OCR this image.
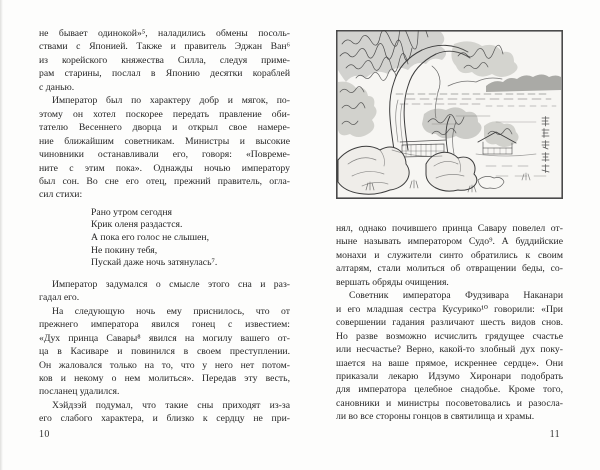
не бывает одинокой»⁵, наладились обмены посоль-
ствами с Японией. Также и правитель Эджан Ван⁶
из корейского княжества Силла, следуя приме-
рам старины, послал в Японию десятки кораблей
с данью.
Император был по характеру добр и мягок, по-
этому он хотел поскорее передать правление оби-
тателю Весеннего дворца и открыл свое намере-
ние ближайшим советникам. Министры и высокие
чиновники останавливали его, говоря: «Повреме-
ните с этим пока». Однажды ночью императору
был сон. Во сне его отец, прежний правитель, огла-
сил стихи:
Рано утром сегодня
Крик оленя раздастся.
А пока его голос не слышен,
Не покину тебя,
Пускай даже ночь затянулась⁷.
Император задумался о смысле этого сна и раз-
гадал его.
На следующую ночь ему приснилось, что от
прежнего императора явился гонец с известием:
«Дух принца Савары⁸ явился на могилу вашего от-
ца в Касиваре и повинился в своем преступлении.
Он жаловался только на то, что у него нет потом-
ков и некому о нем молиться». Передав эту весть,
посланец удалился.
Хэйдзэй подумал, что такие сны приходят из-за
его слабого характера, и близко к сердцу не при-
нял, однако почившего принца Савару повелел от-
ныне называть императором Судо⁹. А буддийские
монахи и служители синто обратились к своим
алтарям, стали молиться об отвращении беды, со-
вершать обряды очищения.
Советник императора Фудзивара Наканари
и его младшая сестра Кусурико¹⁰ говорили: «При
совершении гадания различают шесть видов снов.
Но разве возможно исчислить грядущее счастье
или несчастье? Верно, какой-то злобный дух поку-
шается на ваше прямое, искреннее сердце». Они
приказали лекарю Идзумо Хиронари подобрать
для императора целебное снадобье. Кроме того,
сановники и министры посоветовались и разосла-
ли во все стороны гонцов в святилища и храмы.
10	11
